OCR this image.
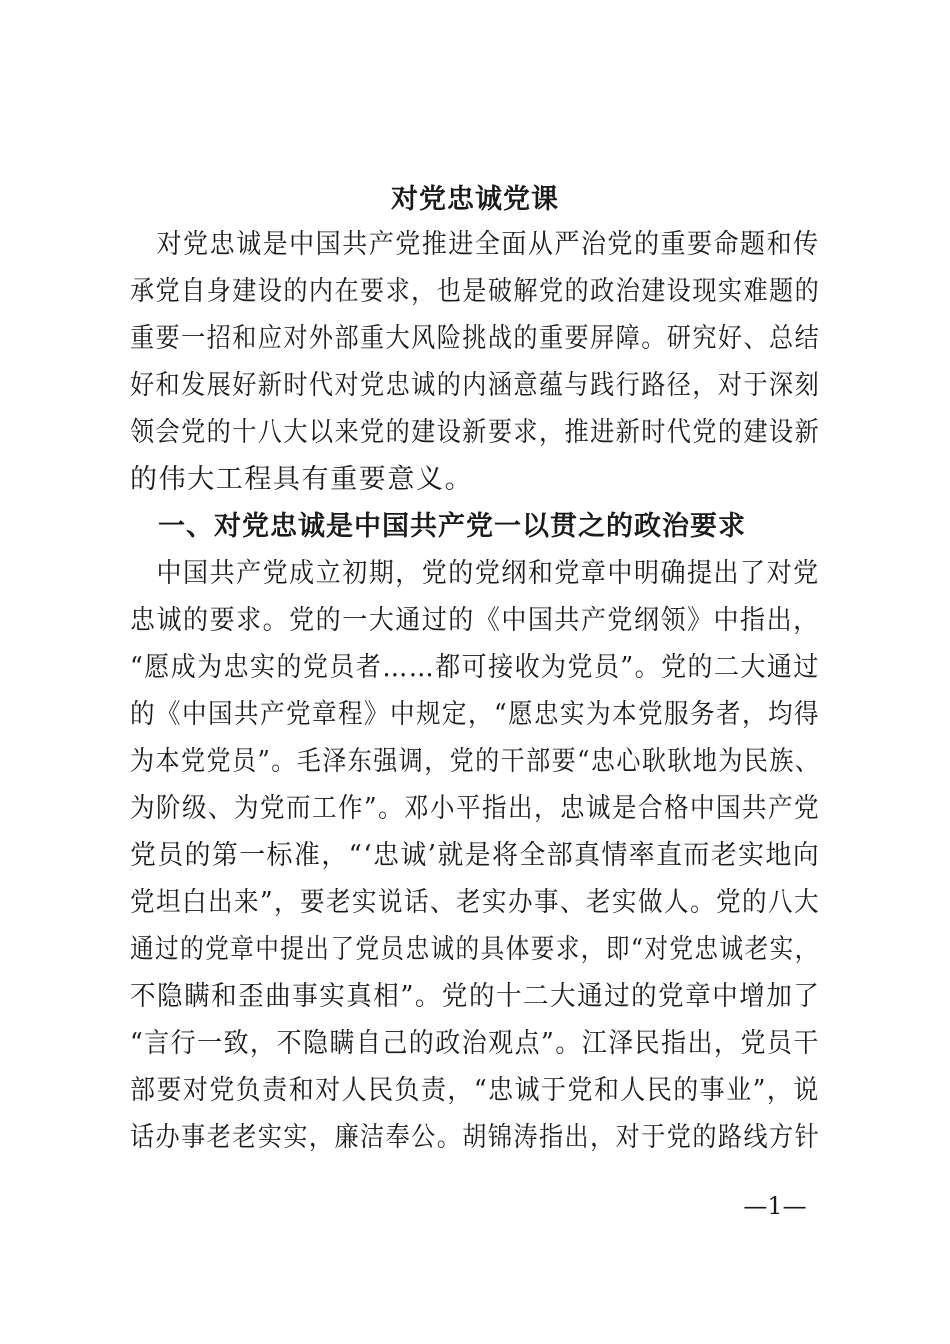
对党忠诚党课
　对党忠诚是中国共产党推进全面从严治党的重要命题和传
承党自身建设的内在要求，也是破解党的政治建设现实难题的
重要一招和应对外部重大风险挑战的重要屏障。研究好、总结
好和发展好新时代对党忠诚的内涵意蕴与践行路径，对于深刻
领会党的十八大以来党的建设新要求，推进新时代党的建设新
的伟大工程具有重要意义。
　一、对党忠诚是中国共产党一以贯之的政治要求
　中国共产党成立初期，党的党纲和党章中明确提出了对党
忠诚的要求。党的一大通过的《中国共产党纲领》中指出，
“愿成为忠实的党员者……都可接收为党员”。党的二大通过
的《中国共产党章程》中规定，“愿忠实为本党服务者，均得
为本党党员”。毛泽东强调，党的干部要“忠心耿耿地为民族、
为阶级、为党而工作”。邓小平指出，忠诚是合格中国共产党
党员的第一标准，“‘忠诚’就是将全部真情率直而老实地向
党坦白出来”，要老实说话、老实办事、老实做人。党的八大
通过的党章中提出了党员忠诚的具体要求，即“对党忠诚老实，
不隐瞒和歪曲事实真相”。党的十二大通过的党章中增加了
“言行一致，不隐瞒自己的政治观点”。江泽民指出，党员干
部要对党负责和对人民负责，“忠诚于党和人民的事业”，说
话办事老老实实，廉洁奉公。胡锦涛指出，对于党的路线方针
—1—
